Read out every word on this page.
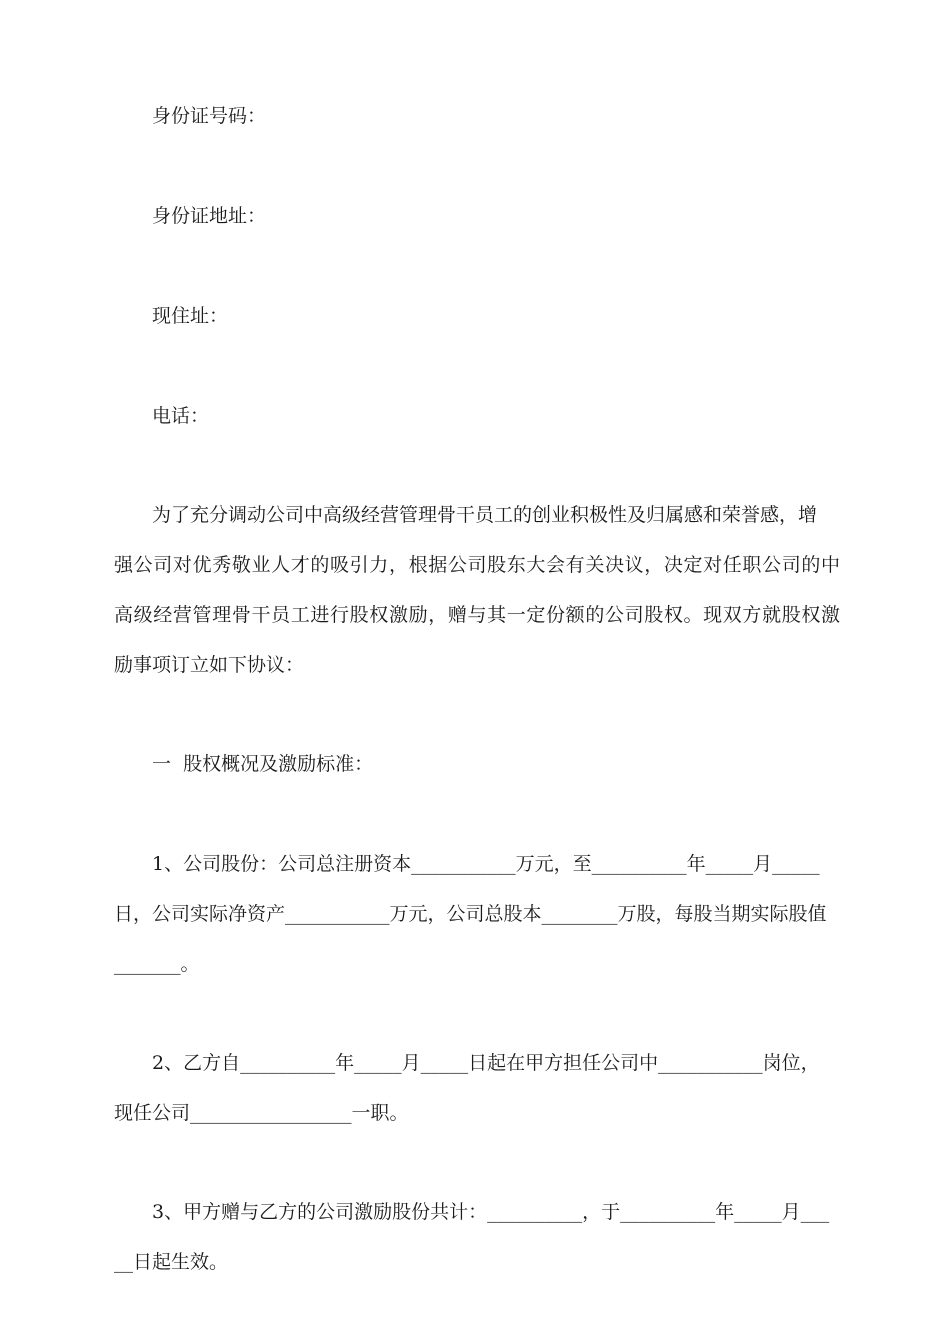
身份证号码：
身份证地址：
现住址：
电话：
为了充分调动公司中高级经营管理骨干员工的创业积极性及归属感和荣誉感，增
强公司对优秀敬业人才的吸引力，根据公司股东大会有关决议，决定对任职公司的中
高级经营管理骨干员工进行股权激励，赠与其一定份额的公司股权。现双方就股权激
励事项订立如下协议：
一  股权概况及激励标准：
1、公司股份：公司总注册资本___________万元，至__________年_____月_____
日，公司实际净资产___________万元，公司总股本________万股，每股当期实际股值
_______。
2、乙方自__________年_____月_____日起在甲方担任公司中___________岗位，
现任公司_________________一职。
3、甲方赠与乙方的公司激励股份共计：__________，于__________年_____月___
__日起生效。
